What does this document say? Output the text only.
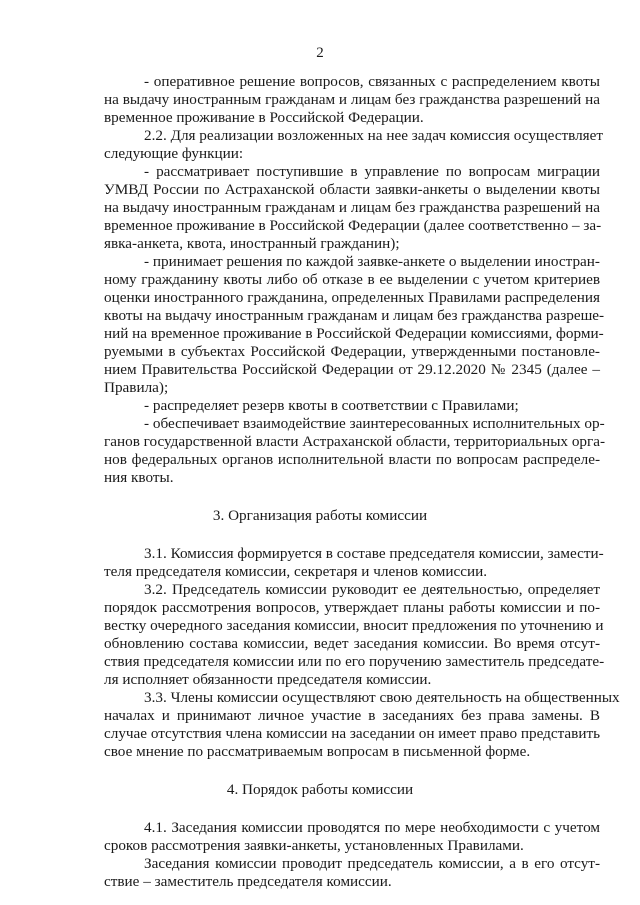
2
- оперативное решение вопросов, связанных с распределением квоты
на выдачу иностранным гражданам и лицам без гражданства разрешений на
временное проживание в Российской Федерации.
2.2. Для реализации возложенных на нее задач комиссия осуществляет
следующие функции:
- рассматривает поступившие в управление по вопросам миграции
УМВД России по Астраханской области заявки-анкеты о выделении квоты
на выдачу иностранным гражданам и лицам без гражданства разрешений на
временное проживание в Российской Федерации (далее соответственно – за-
явка-анкета, квота, иностранный гражданин);
- принимает решения по каждой заявке-анкете о выделении иностран-
ному гражданину квоты либо об отказе в ее выделении с учетом критериев
оценки иностранного гражданина, определенных Правилами распределения
квоты на выдачу иностранным гражданам и лицам без гражданства разреше-
ний на временное проживание в Российской Федерации комиссиями, форми-
руемыми в субъектах Российской Федерации, утвержденными постановле-
нием Правительства Российской Федерации от 29.12.2020 № 2345 (далее –
Правила);
- распределяет резерв квоты в соответствии с Правилами;
- обеспечивает взаимодействие заинтересованных исполнительных ор-
ганов государственной власти Астраханской области, территориальных орга-
нов федеральных органов исполнительной власти по вопросам распределе-
ния квоты.
3. Организация работы комиссии
3.1. Комиссия формируется в составе председателя комиссии, замести-
теля председателя комиссии, секретаря и членов комиссии.
3.2. Председатель комиссии руководит ее деятельностью, определяет
порядок рассмотрения вопросов, утверждает планы работы комиссии и по-
вестку очередного заседания комиссии, вносит предложения по уточнению и
обновлению состава комиссии, ведет заседания комиссии. Во время отсут-
ствия председателя комиссии или по его поручению заместитель председате-
ля исполняет обязанности председателя комиссии.
3.3. Члены комиссии осуществляют свою деятельность на общественных
началах и принимают личное участие в заседаниях без права замены. В
случае отсутствия члена комиссии на заседании он имеет право представить
свое мнение по рассматриваемым вопросам в письменной форме.
4. Порядок работы комиссии
4.1. Заседания комиссии проводятся по мере необходимости с учетом
сроков рассмотрения заявки-анкеты, установленных Правилами.
Заседания комиссии проводит председатель комиссии, а в его отсут-
ствие – заместитель председателя комиссии.
